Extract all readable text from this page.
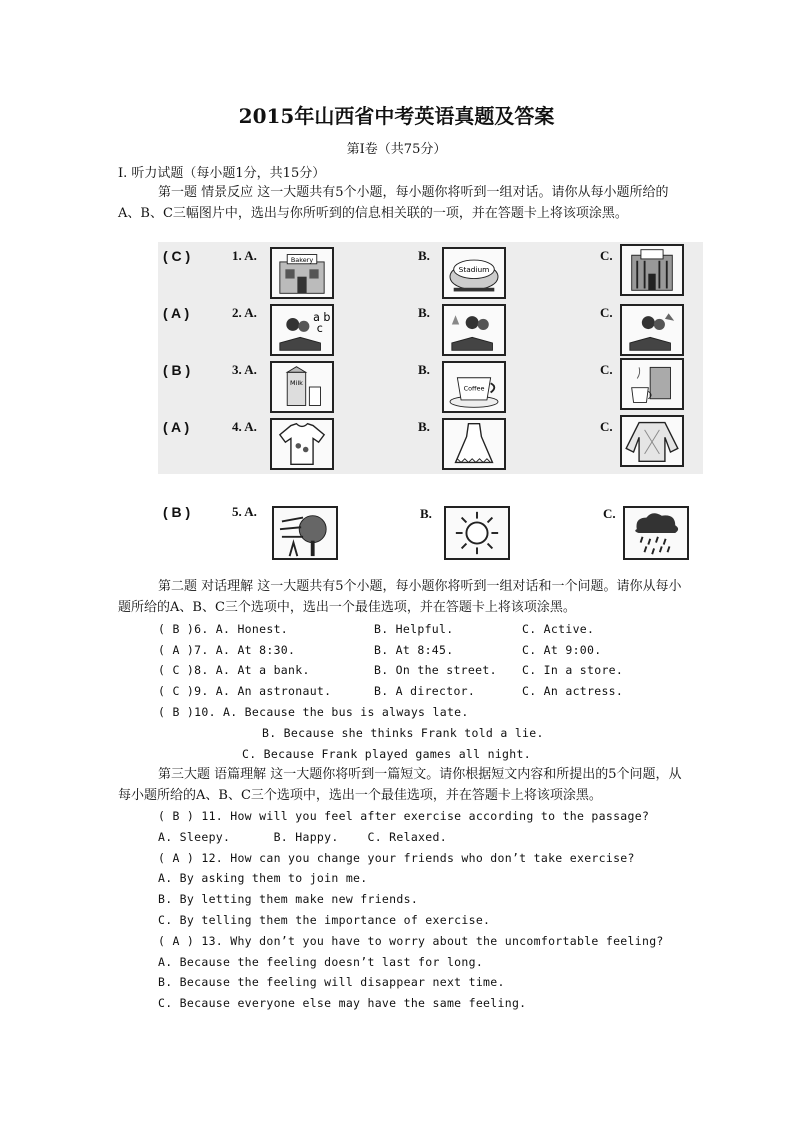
2015年山西省中考英语真题及答案
第I卷（共75分）
I. 听力试题（每小题1分，共15分）
第一题 情景反应 这一大题共有5个小题，每小题你将听到一组对话。请你从每小题所给的A、B、C三幅图片中，选出与你所听到的信息相关联的一项，并在答题卡上将该项涂黑。
( C )	1. A.	B.	C.
Bakery
Stadium
( A )	2. A.	B.	C.
a b
c
( B )	3. A.	B.	C.
Milk
Coffee
( A )	4. A.	B.	C.
( B )	5. A.	B.	C.
第二题 对话理解 这一大题共有5个小题，每小题你将听到一组对话和一个问题。请你从每小题所给的A、B、C三个选项中，选出一个最佳选项，并在答题卡上将该项涂黑。
( B )6. A. Honest.	B. Helpful.	C. Active.
( A )7. A. At 8:30.	B. At 8:45.	C. At 9:00.
( C )8. A. At a bank.	B. On the street. C. In a store.
( C )9. A. An astronaut.	B. A director.	C. An actress.
( B )10. A. Because the bus is always late.
B. Because she thinks Frank told a lie.
C. Because Frank played games all night.
第三大题 语篇理解 这一大题你将听到一篇短文。请你根据短文内容和所提出的5个问题，从每小题所给的A、B、C三个选项中，选出一个最佳选项，并在答题卡上将该项涂黑。
( B ) 11. How will you feel after exercise according to the passage?
A. Sleepy.      B. Happy.    C. Relaxed.
( A ) 12. How can you change your friends who don’t take exercise?
A. By asking them to join me.
B. By letting them make new friends.
C. By telling them the importance of exercise.
( A ) 13. Why don’t you have to worry about the uncomfortable feeling?
A. Because the feeling doesn’t last for long.
B. Because the feeling will disappear next time.
C. Because everyone else may have the same feeling.
